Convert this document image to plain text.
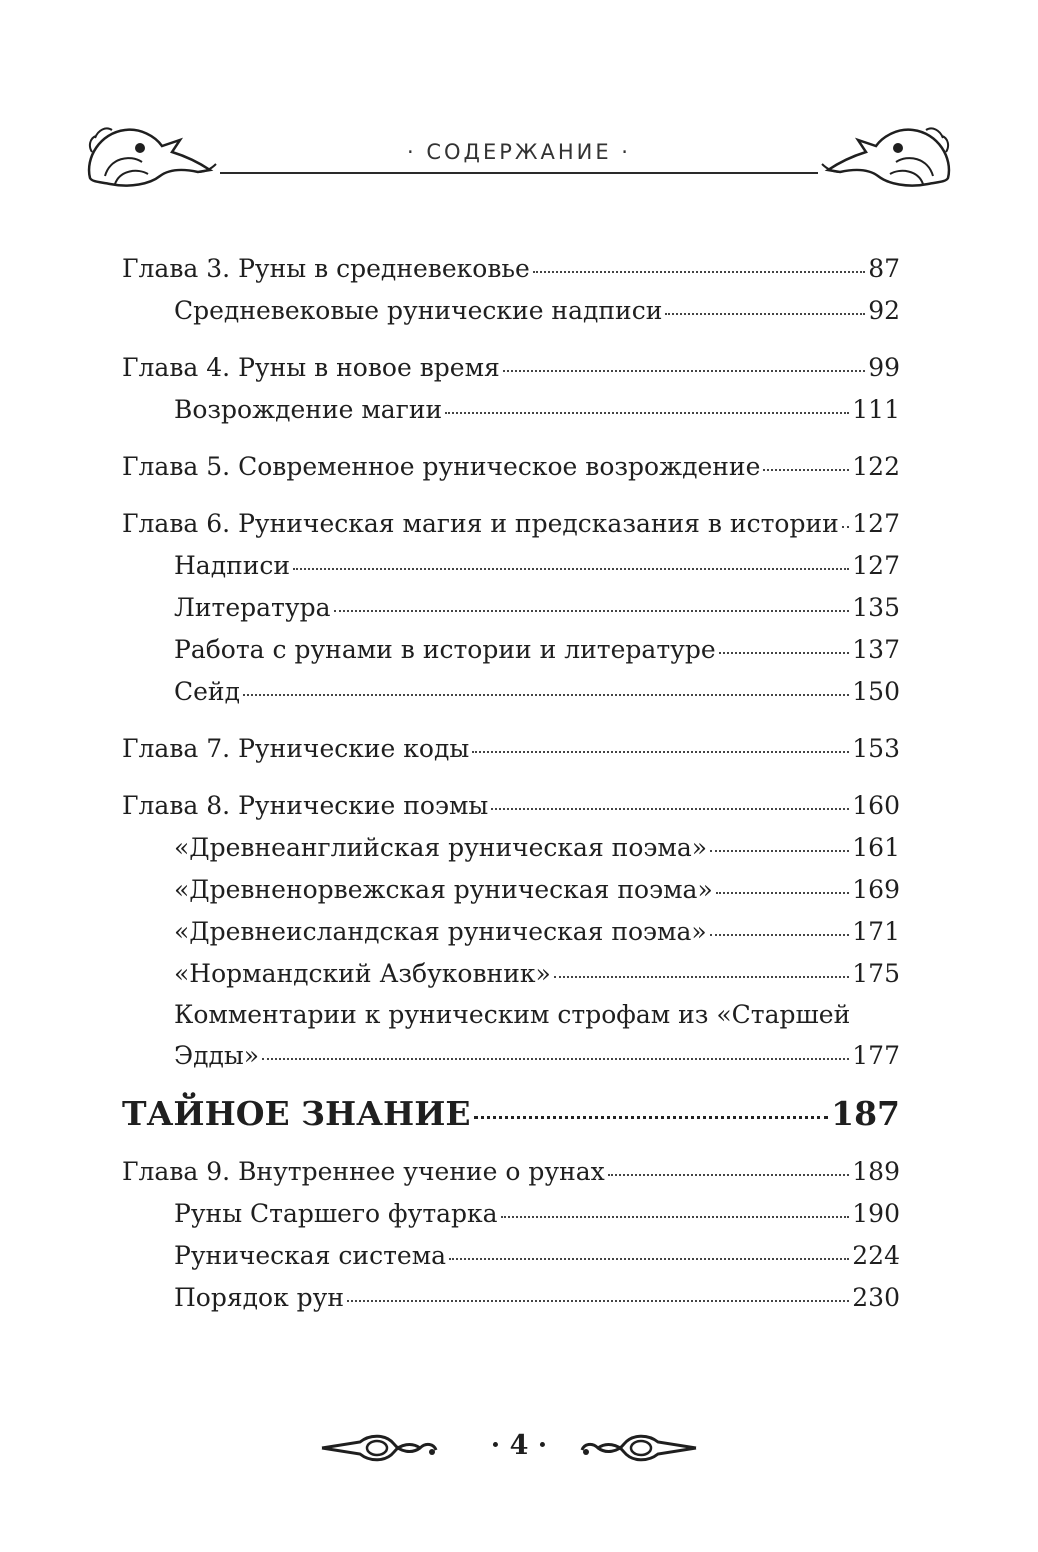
· СОДЕРЖАНИЕ ·
Глава 3. Руны в средневековье	87
Средневековые рунические надписи	92
Глава 4. Руны в новое время	99
Возрождение магии	111
Глава 5. Современное руническое возрождение	122
Глава 6. Руническая магия и предсказания в истории 127
Надписи	127
Литература	135
Работа с рунами в истории и литературе	137
Сейд	150
Глава 7. Рунические коды	153
Глава 8. Рунические поэмы	160
«Древнеанглийская руническая поэма»	161
«Древненорвежская руническая поэма»	169
«Древнеисландская руническая поэма»	171
«Нормандский Азбуковник»	175
Комментарии к руническим строфам из «Старшей
Эдды»	177
ТАЙНОЕ ЗНАНИЕ	187
Глава 9. Внутреннее учение о рунах	189
Руны Старшего футарка	190
Руническая система	224
Порядок рун	230
· 4 ·
